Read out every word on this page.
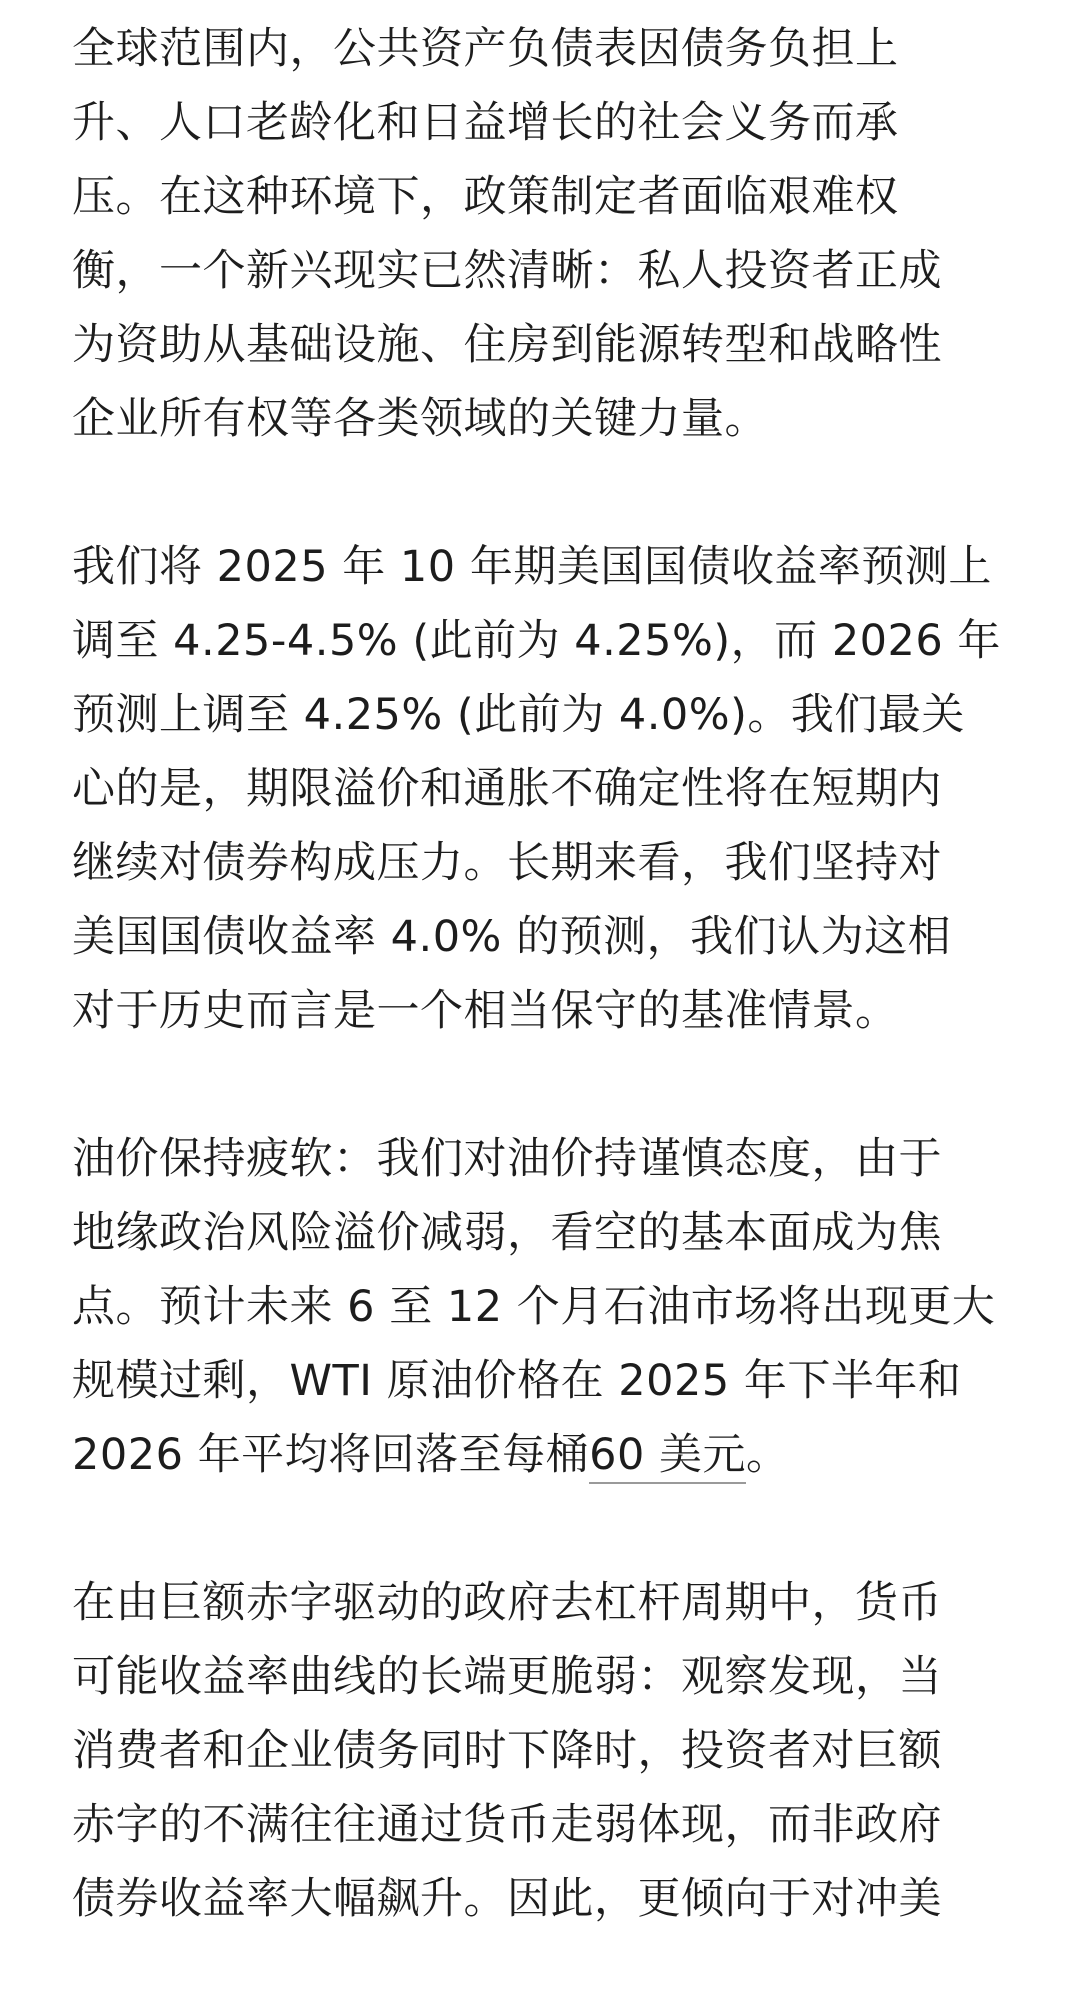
全球范围内，公共资产负债表因债务负担上
升、人口老龄化和日益增长的社会义务而承
压。在这种环境下，政策制定者面临艰难权
衡，一个新兴现实已然清晰：私人投资者正成
为资助从基础设施、住房到能源转型和战略性
企业所有权等各类领域的关键力量。

我们将 2025 年 10 年期美国国债收益率预测上
调至 4.25-4.5% (此前为 4.25%)，而 2026 年
预测上调至 4.25% (此前为 4.0%)。我们最关
心的是，期限溢价和通胀不确定性将在短期内
继续对债券构成压力。长期来看，我们坚持对
美国国债收益率 4.0% 的预测，我们认为这相
对于历史而言是一个相当保守的基准情景。

油价保持疲软：我们对油价持谨慎态度，由于
地缘政治风险溢价减弱，看空的基本面成为焦
点。预计未来 6 至 12 个月石油市场将出现更大
规模过剩，WTI 原油价格在 2025 年下半年和
2026 年平均将回落至每桶60 美元。

在由巨额赤字驱动的政府去杠杆周期中，货币
可能收益率曲线的长端更脆弱：观察发现，当
消费者和企业债务同时下降时，投资者对巨额
赤字的不满往往通过货币走弱体现，而非政府
债券收益率大幅飙升。因此，更倾向于对冲美
